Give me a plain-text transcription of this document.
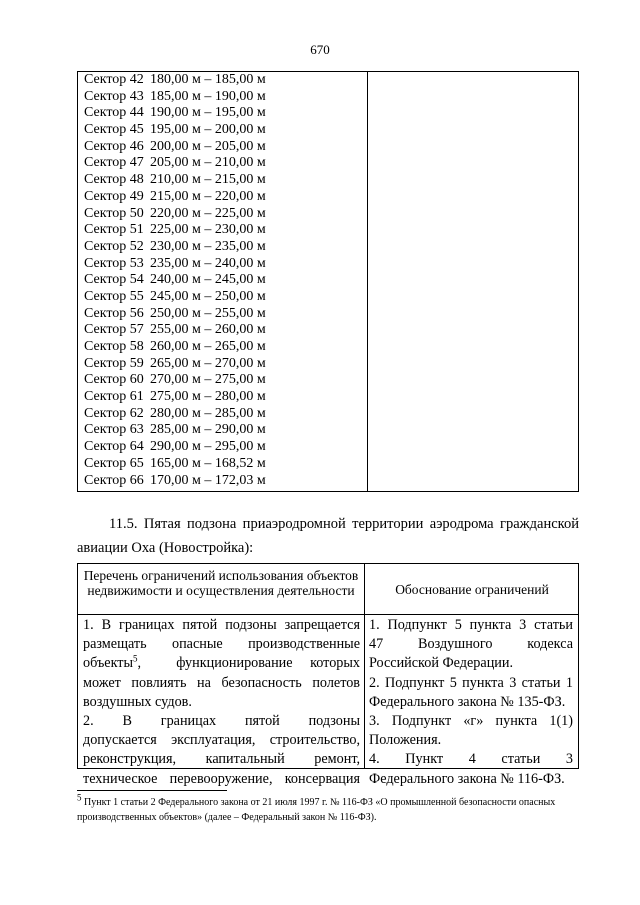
670
Сектор 42 180,00 м – 185,00 м
Сектор 43 185,00 м – 190,00 м
Сектор 44 190,00 м – 195,00 м
Сектор 45 195,00 м – 200,00 м
Сектор 46 200,00 м – 205,00 м
Сектор 47 205,00 м – 210,00 м
Сектор 48 210,00 м – 215,00 м
Сектор 49 215,00 м – 220,00 м
Сектор 50 220,00 м – 225,00 м
Сектор 51 225,00 м – 230,00 м
Сектор 52 230,00 м – 235,00 м
Сектор 53 235,00 м – 240,00 м
Сектор 54 240,00 м – 245,00 м
Сектор 55 245,00 м – 250,00 м
Сектор 56 250,00 м – 255,00 м
Сектор 57 255,00 м – 260,00 м
Сектор 58 260,00 м – 265,00 м
Сектор 59 265,00 м – 270,00 м
Сектор 60 270,00 м – 275,00 м
Сектор 61 275,00 м – 280,00 м
Сектор 62 280,00 м – 285,00 м
Сектор 63 285,00 м – 290,00 м
Сектор 64 290,00 м – 295,00 м
Сектор 65 165,00 м – 168,52 м
Сектор 66 170,00 м – 172,03 м
11.5. Пятая подзона приаэродромной территории аэродрома гражданской
авиации Оха (Новостройка):
Перечень ограничений использования объектов недвижимости и осуществления деятельности	Обоснование ограничений
1. В границах пятой подзоны запрещается
размещать опасные производственные
объекты$^5$,  функционирование которых
может повлиять на безопасность полетов
воздушных судов.
2. В границах пятой подзоны
допускается эксплуатация, строительство,
реконструкция, капитальный ремонт,
техническое перевооружение, консервация
1. Подпункт 5 пункта 3 статьи
47 Воздушного кодекса
Российской Федерации.
2. Подпункт 5 пункта 3 статьи 1
Федерального закона № 135-ФЗ.
3. Подпункт «г» пункта 1(1)
Положения.
4. Пункт 4 статьи 3
Федерального закона № 116-ФЗ.
5 Пункт 1 статьи 2 Федерального закона от 21 июля 1997 г. № 116-ФЗ «О промышленной безопасности опасных производственных объектов» (далее – Федеральный закон № 116-ФЗ).
